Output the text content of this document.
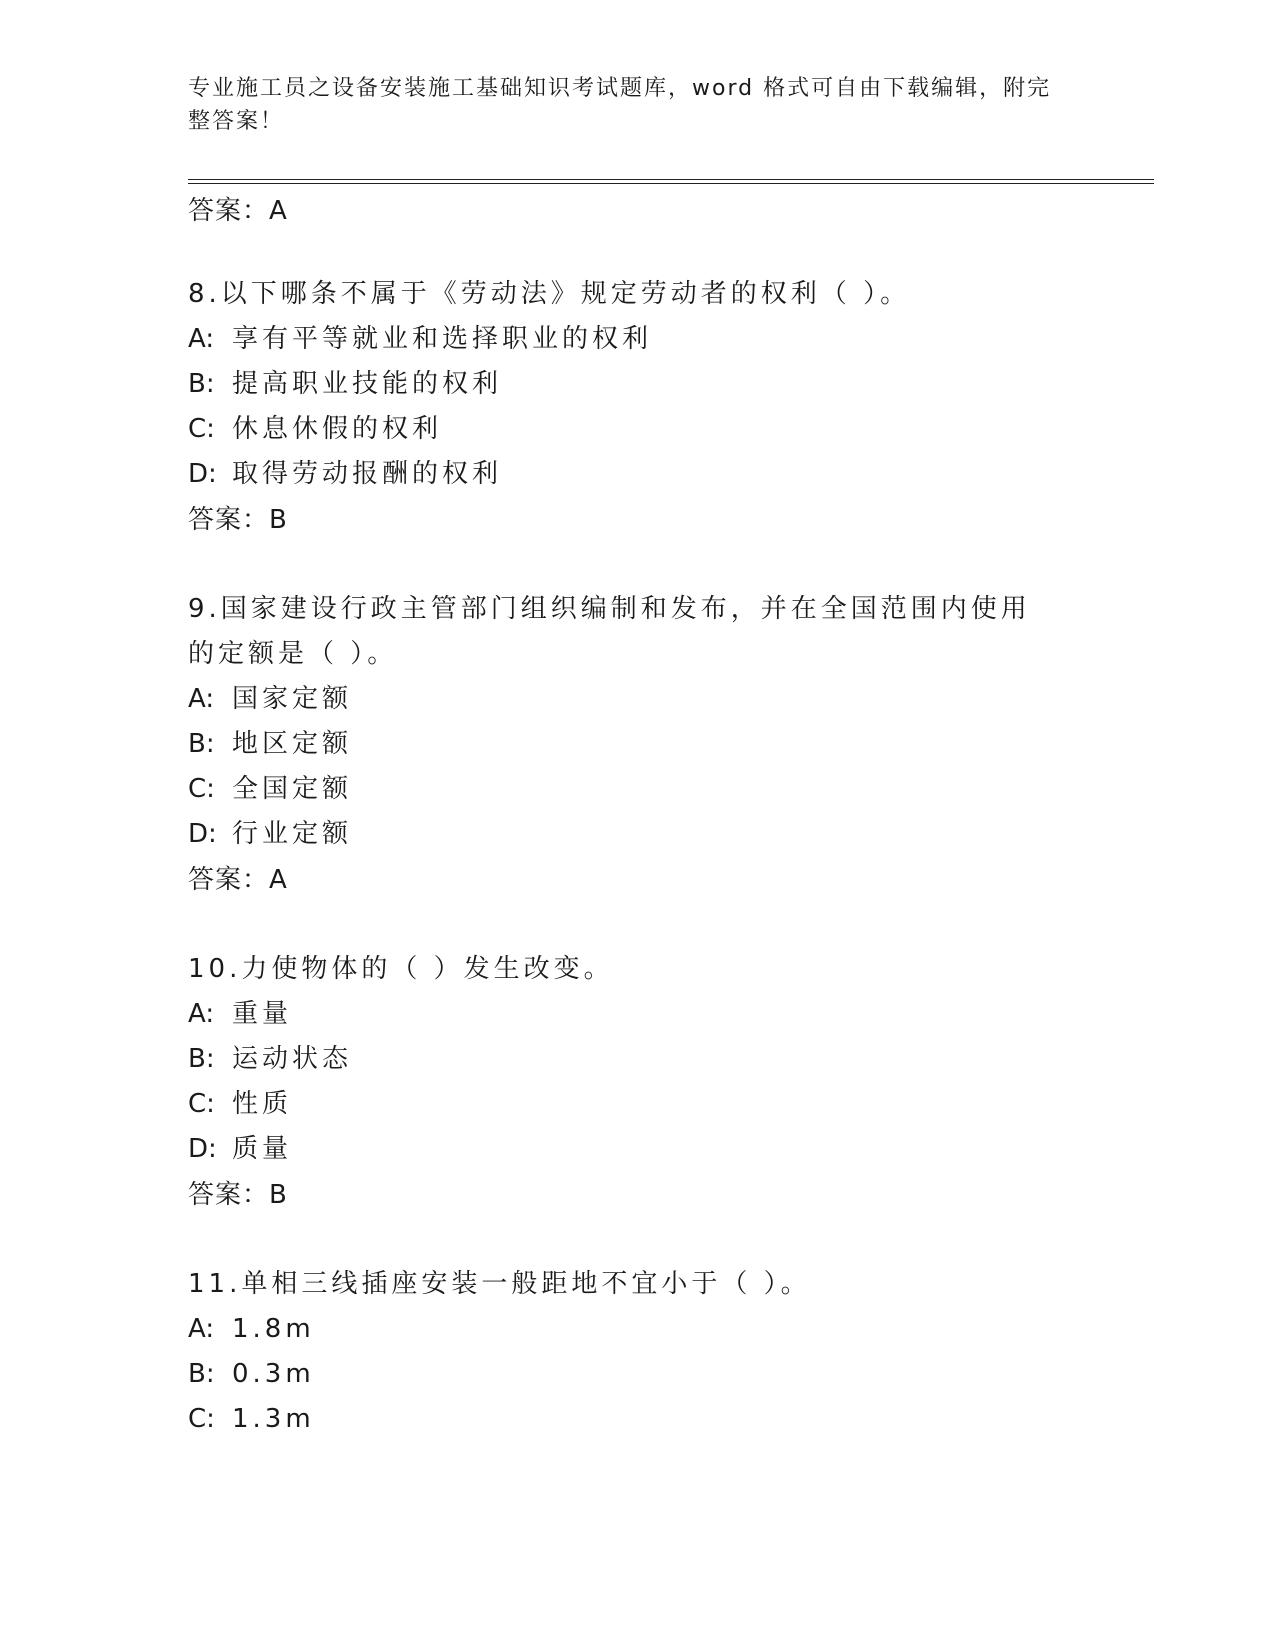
专业施工员之设备安装施工基础知识考试题库，word 格式可自由下载编辑，附完
整答案！
答案：A
8.以下哪条不属于《劳动法》规定劳动者的权利（ ）。
A: 享有平等就业和选择职业的权利
B: 提高职业技能的权利
C: 休息休假的权利
D: 取得劳动报酬的权利
答案：B
9.国家建设行政主管部门组织编制和发布，并在全国范围内使用的定额是（ ）。
A: 国家定额
B: 地区定额
C: 全国定额
D: 行业定额
答案：A
10.力使物体的（ ）发生改变。
A: 重量
B: 运动状态
C: 性质
D: 质量
答案：B
11.单相三线插座安装一般距地不宜小于（ ）。
A: 1.8m
B: 0.3m
C: 1.3m
